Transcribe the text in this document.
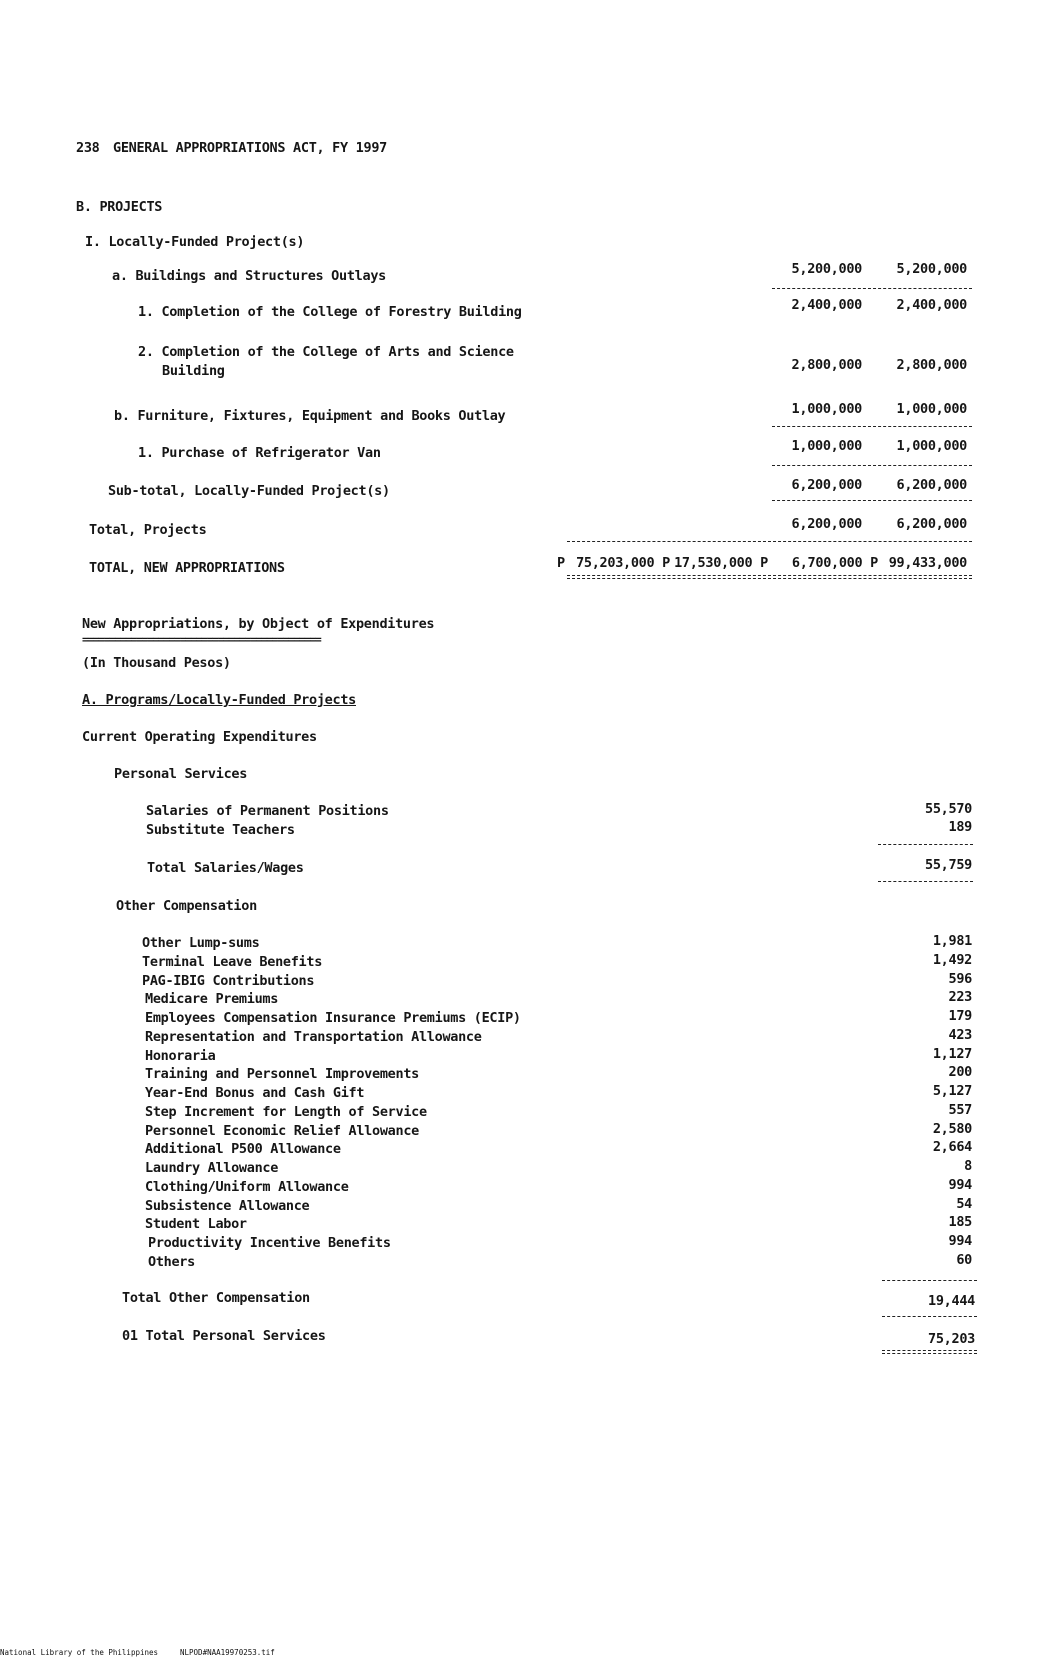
238 GENERAL APPROPRIATIONS ACT, FY 1997
B. PROJECTS
I. Locally-Funded Project(s)
a. Buildings and Structures Outlays	5,200,000	5,200,000
1. Completion of the College of Forestry Building	2,400,000	2,400,000
2. Completion of the College of Arts and Science
Building	2,800,000	2,800,000
b. Furniture, Fixtures, Equipment and Books Outlay	1,000,000	1,000,000
1. Purchase of Refrigerator Van	1,000,000	1,000,000
Sub-total, Locally-Funded Project(s)	6,200,000	6,200,000
Total, Projects	6,200,000	6,200,000
TOTAL, NEW APPROPRIATIONS	P 75,203,000 P 17,530,000 P 6,700,000 P 99,433,000
New Appropriations, by Object of Expenditures
============================================
(In Thousand Pesos)
A. Programs/Locally-Funded Projects
Current Operating Expenditures
Personal Services
Salaries of Permanent Positions	55,570
Substitute Teachers	189
Total Salaries/Wages	55,759
Other Compensation
Other Lump-sums	1,981
Terminal Leave Benefits	1,492
PAG-IBIG Contributions	596
Medicare Premiums	223
Employees Compensation Insurance Premiums (ECIP)	179
Representation and Transportation Allowance	423
Honoraria	1,127
Training and Personnel Improvements	200
Year-End Bonus and Cash Gift	5,127
Step Increment for Length of Service	557
Personnel Economic Relief Allowance	2,580
Additional P500 Allowance	2,664
Laundry Allowance	8
Clothing/Uniform Allowance	994
Subsistence Allowance	54
Student Labor	185
Productivity Incentive Benefits	994
Others	60
Total Other Compensation	19,444
01 Total Personal Services	75,203
National Library of the Philippines	NLPOD#NAA19970253.tif
